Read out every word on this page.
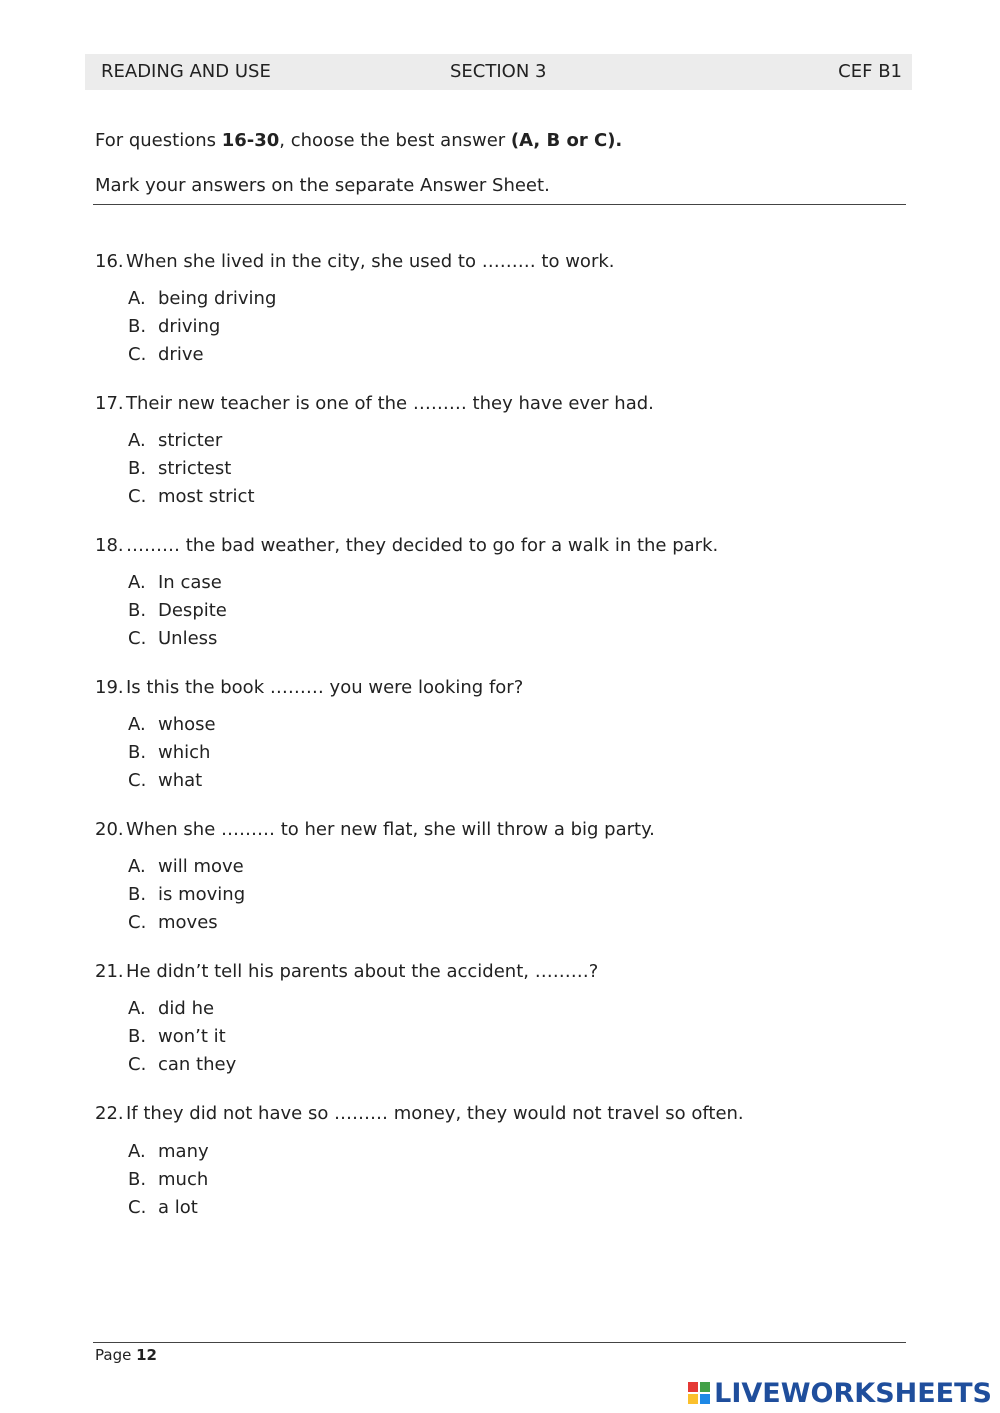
READING AND USE	SECTION 3	CEF B1
For questions 16-30, choose the best answer (A, B or C).
Mark your answers on the separate Answer Sheet.
16. When she lived in the city, she used to ……… to work.
A. being driving
B. driving
C. drive
17. Their new teacher is one of the ……… they have ever had.
A. stricter
B. strictest
C. most strict
18. ……… the bad weather, they decided to go for a walk in the park.
A. In case
B. Despite
C. Unless
19. Is this the book ……… you were looking for?
A. whose
B. which
C. what
20. When she ……… to her new flat, she will throw a big party.
A. will move
B. is moving
C. moves
21. He didn’t tell his parents about the accident, ………?
A. did he
B. won’t it
C. can they
22. If they did not have so ……… money, they would not travel so often.
A. many
B. much
C. a lot
Page 12
LIVEWORKSHEETS
